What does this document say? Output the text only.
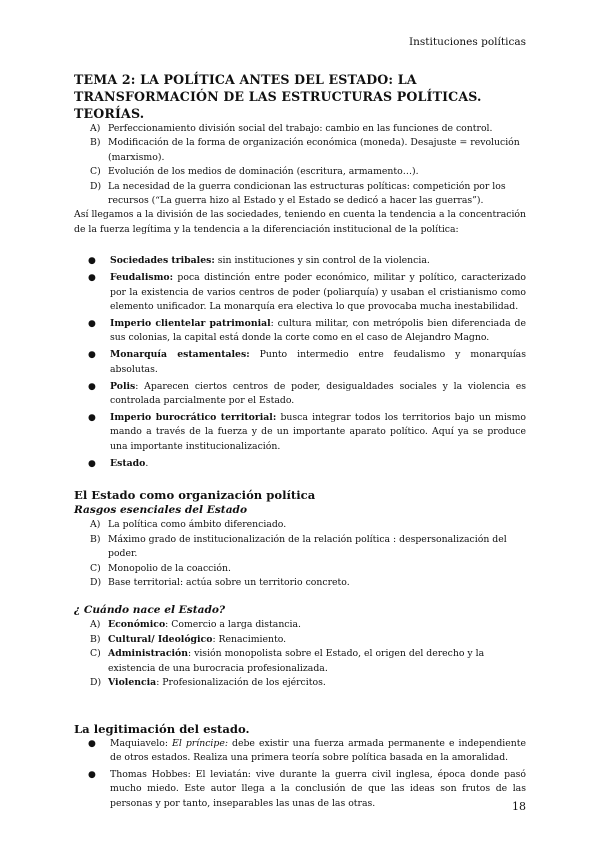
Instituciones políticas
TEMA 2: LA POLÍTICA ANTES DEL ESTADO: LA TRANSFORMACIÓN DE LAS ESTRUCTURAS POLÍTICAS. TEORÍAS.
A) Perfeccionamiento división social del trabajo: cambio en las funciones de control.
B) Modificación de la forma de organización económica (moneda). Desajuste = revolución (marxismo).
C) Evolución de los medios de dominación (escritura, armamento…).
D) La necesidad de la guerra condicionan las estructuras políticas: competición por los recursos (“La guerra hizo al Estado y el Estado se dedicó a hacer las guerras”).

Así llegamos a la división de las sociedades, teniendo en cuenta la tendencia a la concentración de la fuerza legítima y la tendencia a la diferenciación institucional de la política:

● Sociedades tribales: sin instituciones y sin control de la violencia.
● Feudalismo: poca distinción entre poder económico, militar y político, caracterizado por la existencia de varios centros de poder (poliarquía) y usaban el cristianismo como elemento unificador. La monarquía era electiva lo que provocaba mucha inestabilidad.
● Imperio clientelar patrimonial: cultura militar, con metrópolis bien diferenciada de sus colonias, la capital está donde la corte como en el caso de Alejandro Magno.
● Monarquía estamentales: Punto intermedio entre feudalismo y monarquías absolutas.
● Polis: Aparecen ciertos centros de poder, desigualdades sociales y la violencia es controlada parcialmente por el Estado.
● Imperio burocrático territorial: busca integrar todos los territorios bajo un mismo mando a través de la fuerza y de un importante aparato político. Aquí ya se produce una importante institucionalización.
● Estado.
El Estado como organización política
Rasgos esenciales del Estado
A) La política como ámbito diferenciado.
B) Máximo grado de institucionalización de la relación política : despersonalización del poder.
C) Monopolio de la coacción.
D) Base territorial: actúa sobre un territorio concreto.
¿ Cuándo nace el Estado?
A) Económico: Comercio a larga distancia.
B) Cultural/ Ideológico: Renacimiento.
C) Administración: visión monopolista sobre el Estado, el origen del derecho y la existencia de una burocracia profesionalizada.
D) Violencia: Profesionalización de los ejércitos.
La legitimación del estado.
● Maquiavelo: El príncipe: debe existir una fuerza armada permanente e independiente de otros estados. Realiza una primera teoría sobre política basada en la amoralidad.
● Thomas Hobbes: El leviatán: vive durante la guerra civil inglesa, época donde pasó mucho miedo. Este autor llega a la conclusión de que las ideas son frutos de las personas y por tanto, inseparables las unas de las otras.	18
